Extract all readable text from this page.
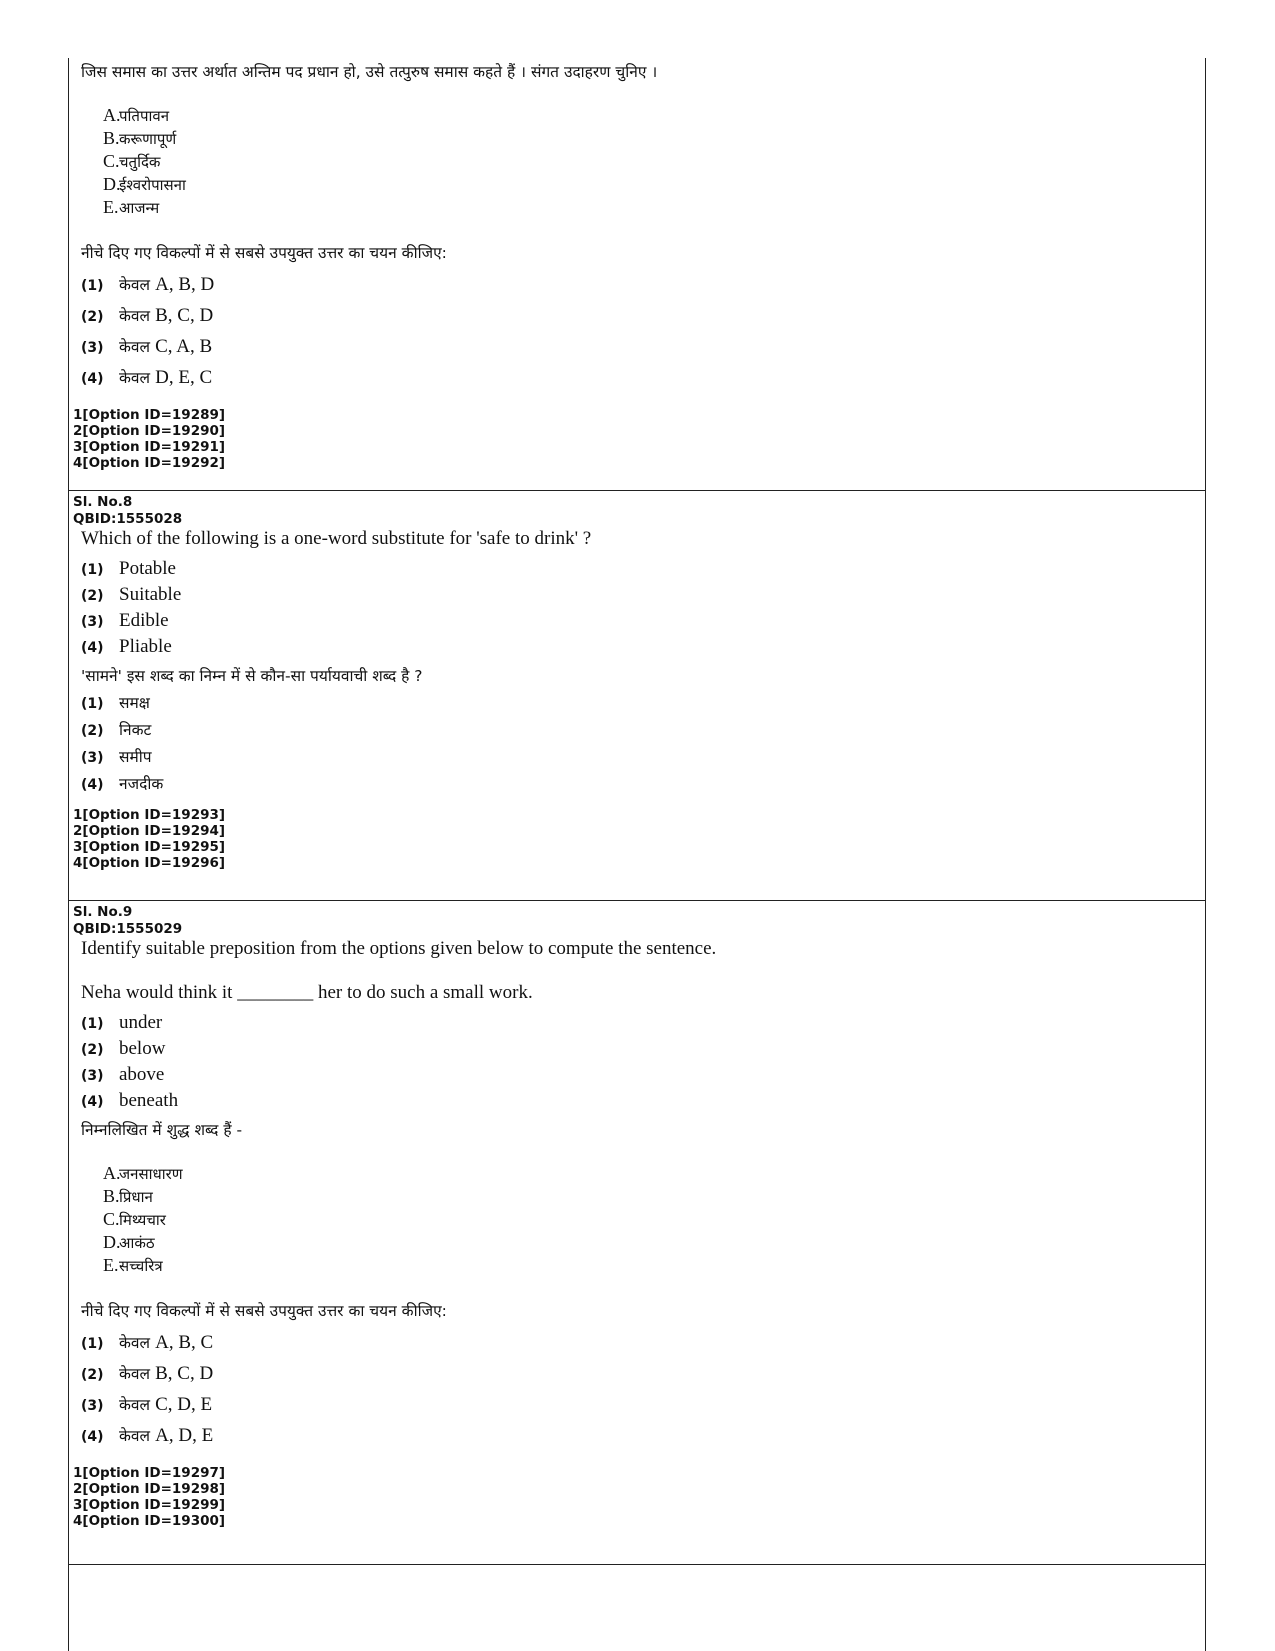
जिस समास का उत्तर अर्थात अन्तिम पद प्रधान हो, उसे तत्पुरुष समास कहते हैं । संगत उदाहरण चुनिए ।
A.
पतिपावन
B. करूणापूर्ण
C. चतुर्दिक
D.
ईश्वरोपासना
E. आजन्म
नीचे दिए गए विकल्पों में से सबसे उपयुक्त उत्तर का चयन कीजिए:
(1) केवल
A, B, D
(2) केवल
B, C, D
(3) केवल
C, A, B
(4) केवल
D, E, C
1[Option ID=19289]
2[Option ID=19290]
3[Option ID=19291]
4[Option ID=19292]
Sl. No.8
QBID:1555028
Which of the following is a one-word substitute for 'safe to drink' ?
(1) Potable
(2) Suitable
(3) Edible
(4) Pliable
'सामने' इस शब्द का निम्न में से कौन-सा पर्यायवाची शब्द है ?
(1) समक्ष
(2) निकट
(3) समीप
(4) नजदीक
1[Option ID=19293]
2[Option ID=19294]
3[Option ID=19295]
4[Option ID=19296]
Sl. No.9
QBID:1555029
Identify suitable preposition from the options given below to compute the sentence.
Neha would think it ________ her to do such a small work.
(1) under
(2) below
(3) above
(4) beneath
निम्नलिखित में शुद्ध शब्द हैं -
A.
जनसाधारण
B. प्रिधान
C. मिथ्यचार
D.
आकंठ
E. सच्चरित्र
नीचे दिए गए विकल्पों में से सबसे उपयुक्त उत्तर का चयन कीजिए:
(1) केवल
A, B, C
(2) केवल
B, C, D
(3) केवल
C, D, E
(4) केवल
A, D, E
1[Option ID=19297]
2[Option ID=19298]
3[Option ID=19299]
4[Option ID=19300]
